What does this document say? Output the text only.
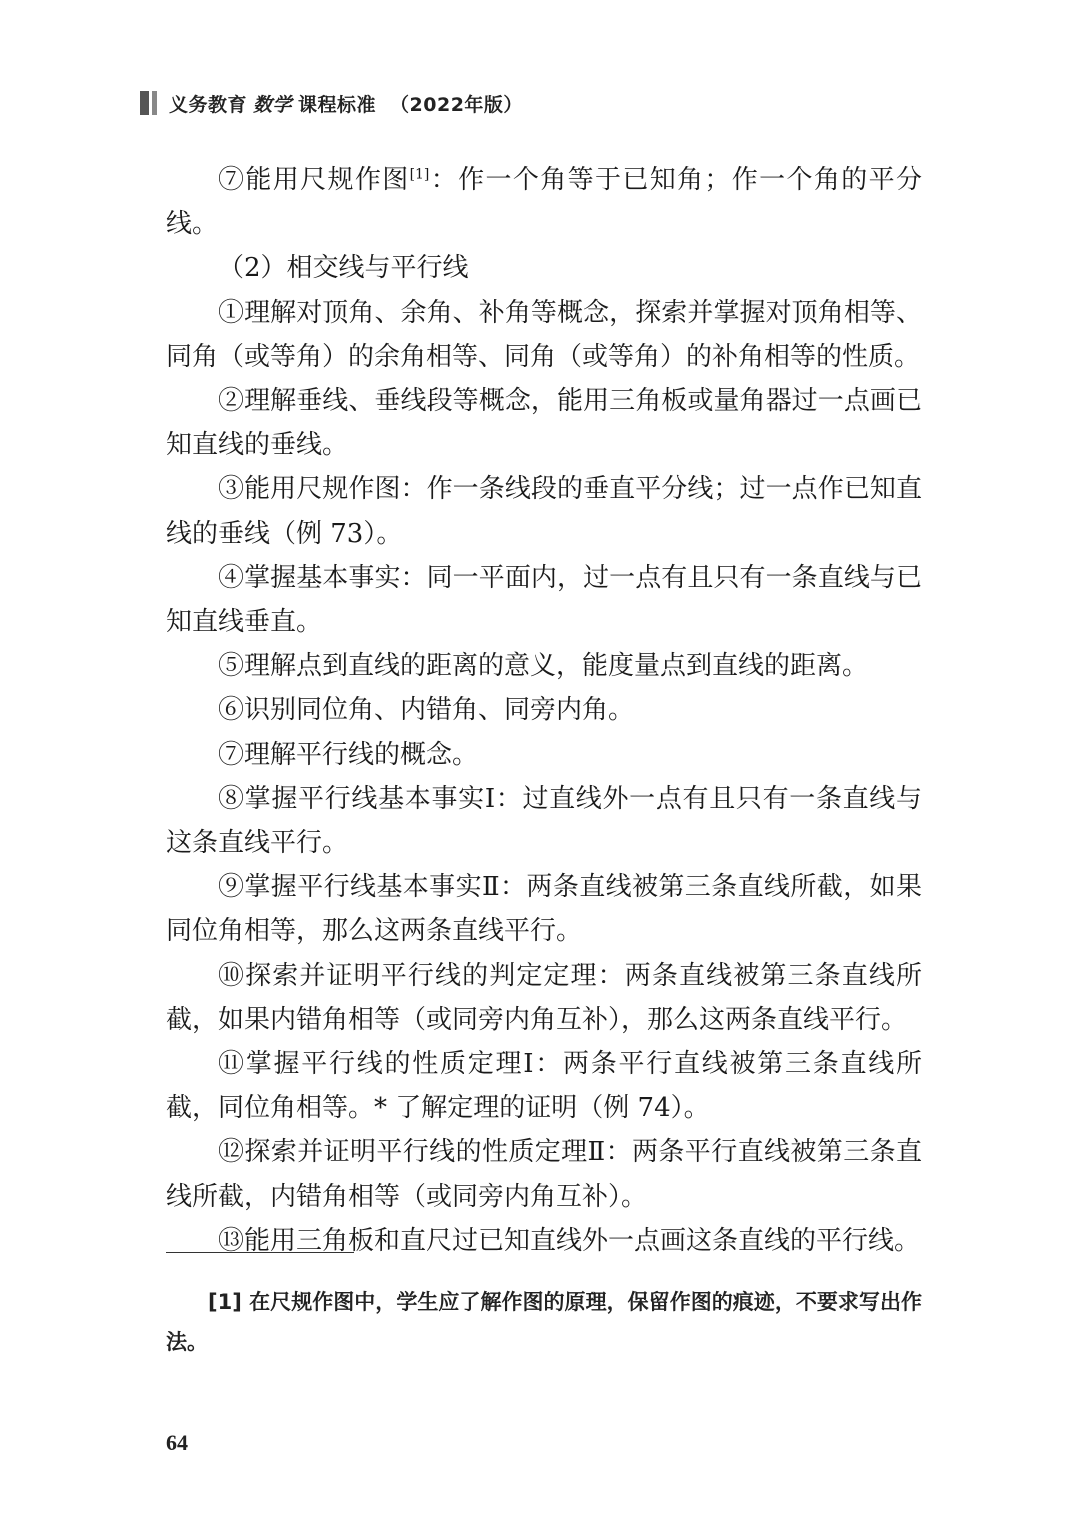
义务教育 数学 课程标准 （2022年版）

⑦能用尺规作图[1]：作一个角等于已知角；作一个角的平分线。

（2）相交线与平行线

①理解对顶角、余角、补角等概念，探索并掌握对顶角相等、同角（或等角）的余角相等、同角（或等角）的补角相等的性质。

②理解垂线、垂线段等概念，能用三角板或量角器过一点画已知直线的垂线。

③能用尺规作图：作一条线段的垂直平分线；过一点作已知直线的垂线（例 73）。

④掌握基本事实：同一平面内，过一点有且只有一条直线与已知直线垂直。

⑤理解点到直线的距离的意义，能度量点到直线的距离。

⑥识别同位角、内错角、同旁内角。

⑦理解平行线的概念。

⑧掌握平行线基本事实Ⅰ：过直线外一点有且只有一条直线与这条直线平行。

⑨掌握平行线基本事实Ⅱ：两条直线被第三条直线所截，如果同位角相等，那么这两条直线平行。

⑩探索并证明平行线的判定定理：两条直线被第三条直线所截，如果内错角相等（或同旁内角互补），那么这两条直线平行。

⑪掌握平行线的性质定理Ⅰ：两条平行直线被第三条直线所截，同位角相等。* 了解定理的证明（例 74）。

⑫探索并证明平行线的性质定理Ⅱ：两条平行直线被第三条直线所截，内错角相等（或同旁内角互补）。

⑬能用三角板和直尺过已知直线外一点画这条直线的平行线。

[1] 在尺规作图中，学生应了解作图的原理，保留作图的痕迹，不要求写出作法。

64
